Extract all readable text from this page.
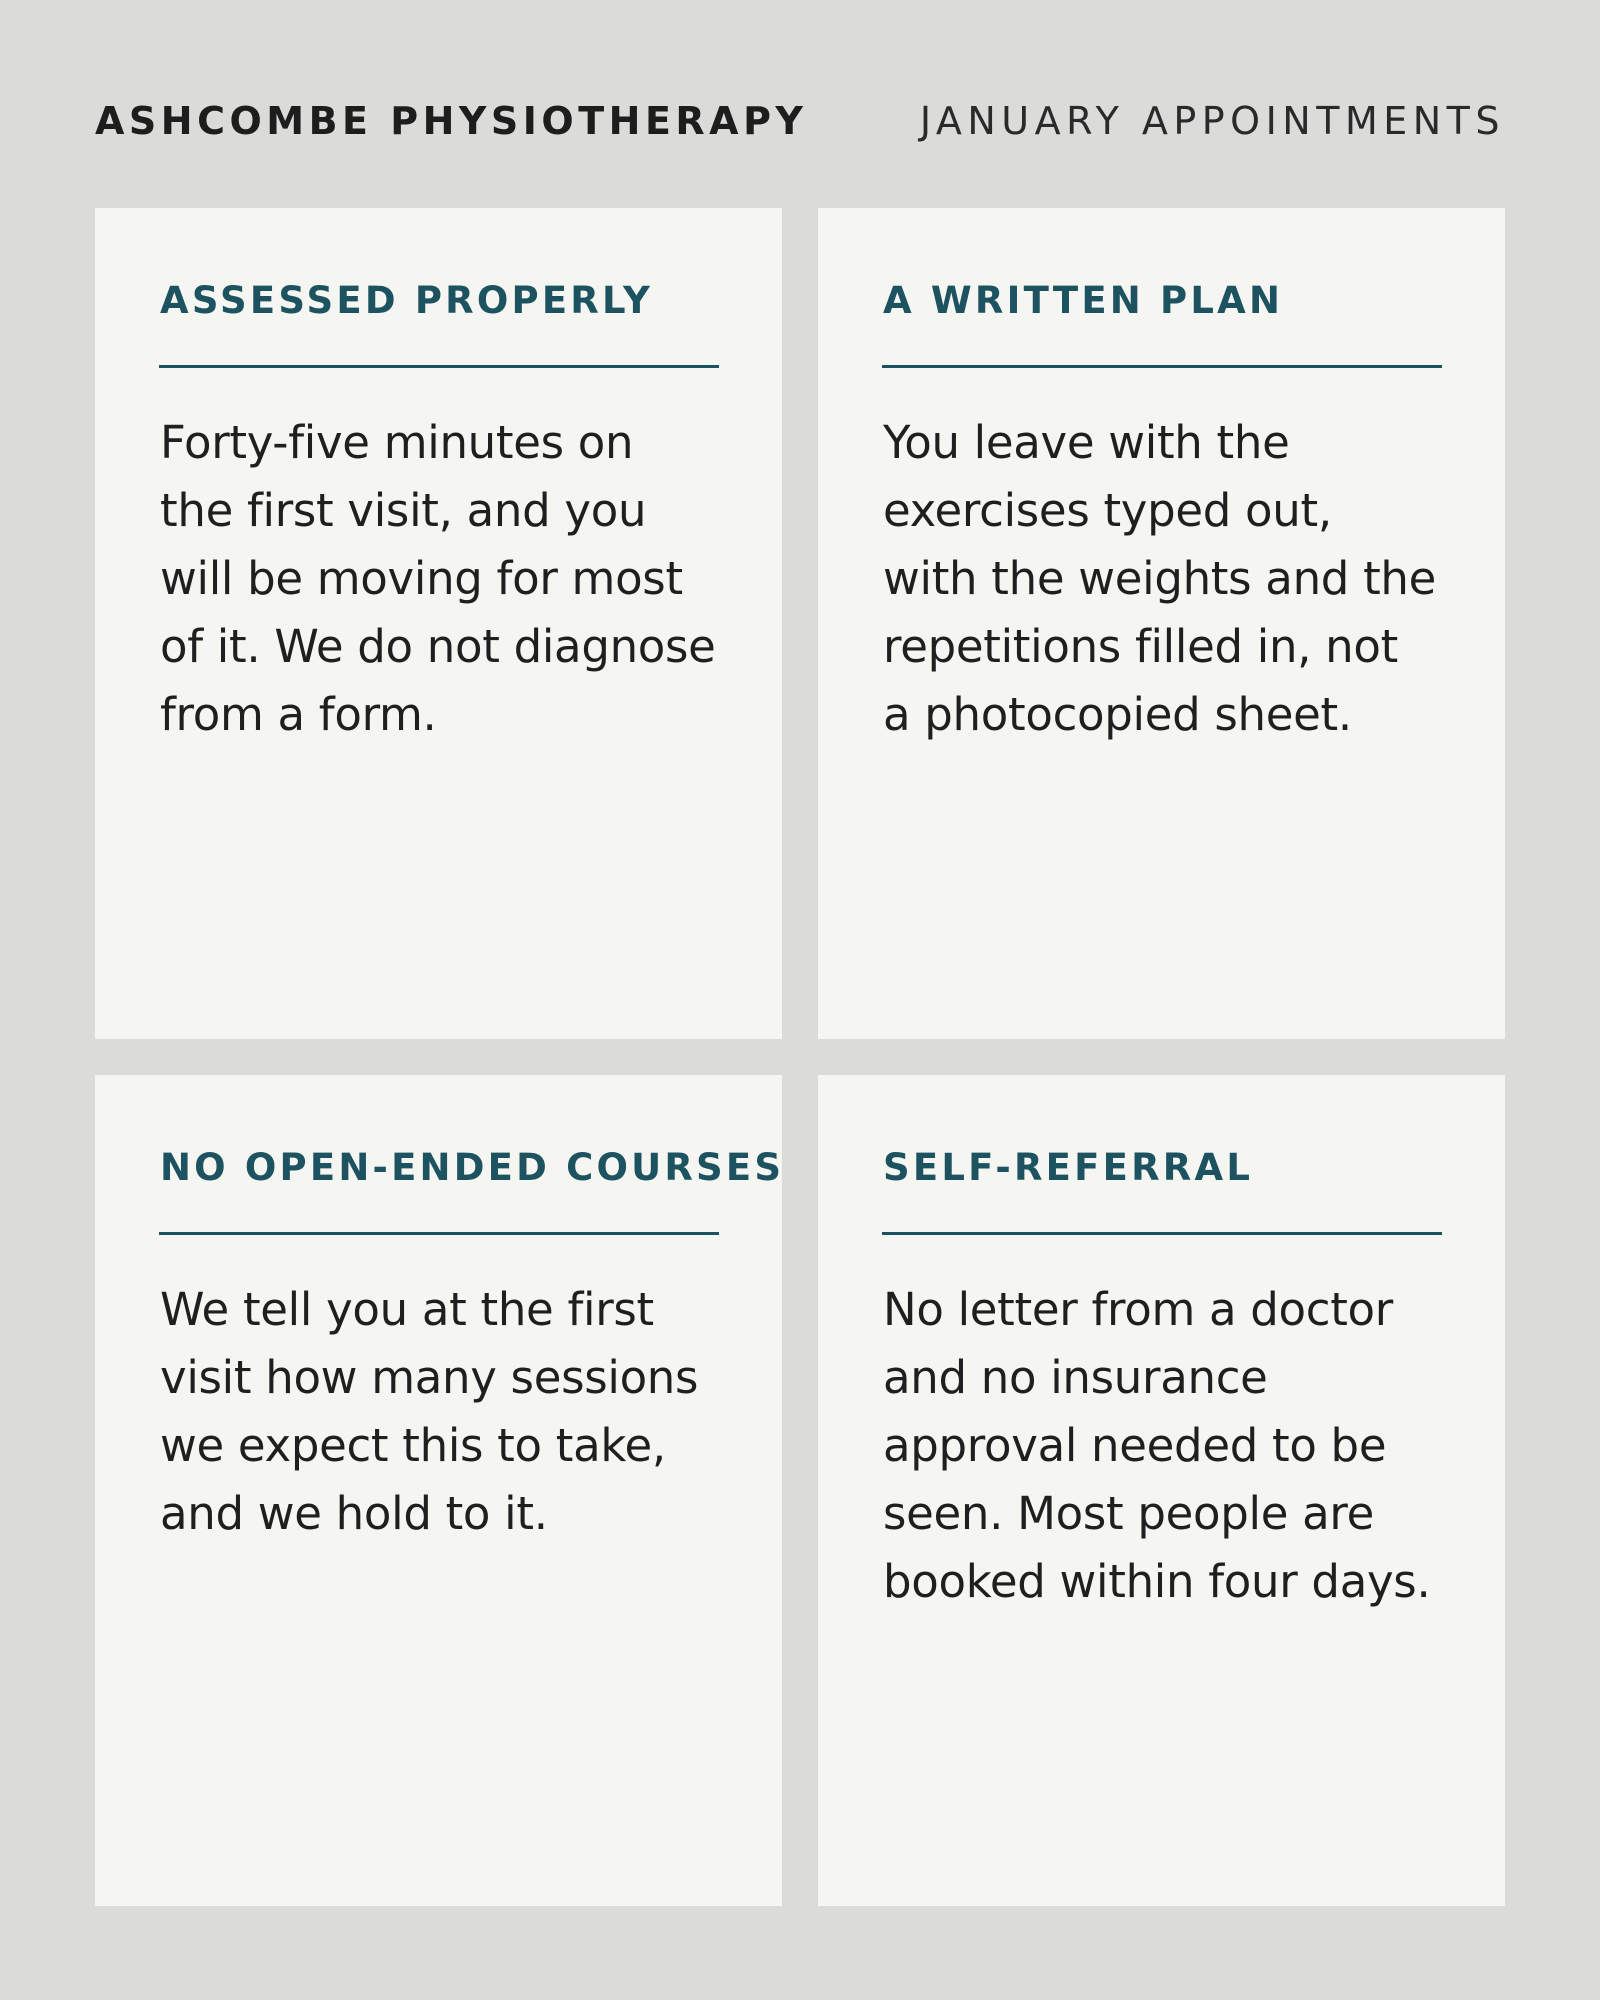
ASHCOMBE PHYSIOTHERAPY	JANUARY APPOINTMENTS
ASSESSED PROPERLY

Forty-five minutes on
the first visit, and you
will be moving for most
of it. We do not diagnose
from a form.

A WRITTEN PLAN

You leave with the
exercises typed out,
with the weights and the
repetitions filled in, not
a photocopied sheet.

NO OPEN-ENDED COURSES

We tell you at the first
visit how many sessions
we expect this to take,
and we hold to it.

SELF-REFERRAL

No letter from a doctor
and no insurance
approval needed to be
seen. Most people are
booked within four days.
